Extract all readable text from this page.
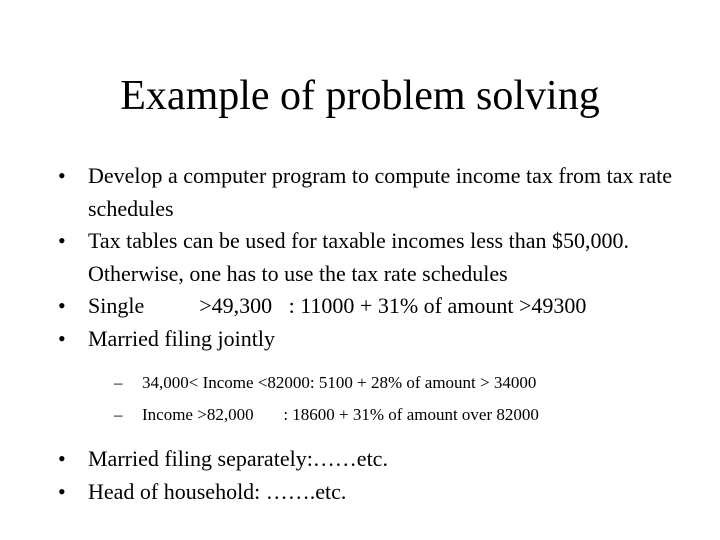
Example of problem solving
•	Develop a computer program to compute income tax from tax rate schedules
•	Tax tables can be used for taxable incomes less than $50,000. Otherwise, one has to use the tax rate schedules
•	Single          >49,300   : 11000 + 31% of amount >49300
•	Married filing jointly
– 34,000< Income <82000: 5100 + 28% of amount > 34000
– Income >82,000       : 18600 + 31% of amount over 82000
•	Married filing separately:……etc.
•	Head of household: …….etc.
